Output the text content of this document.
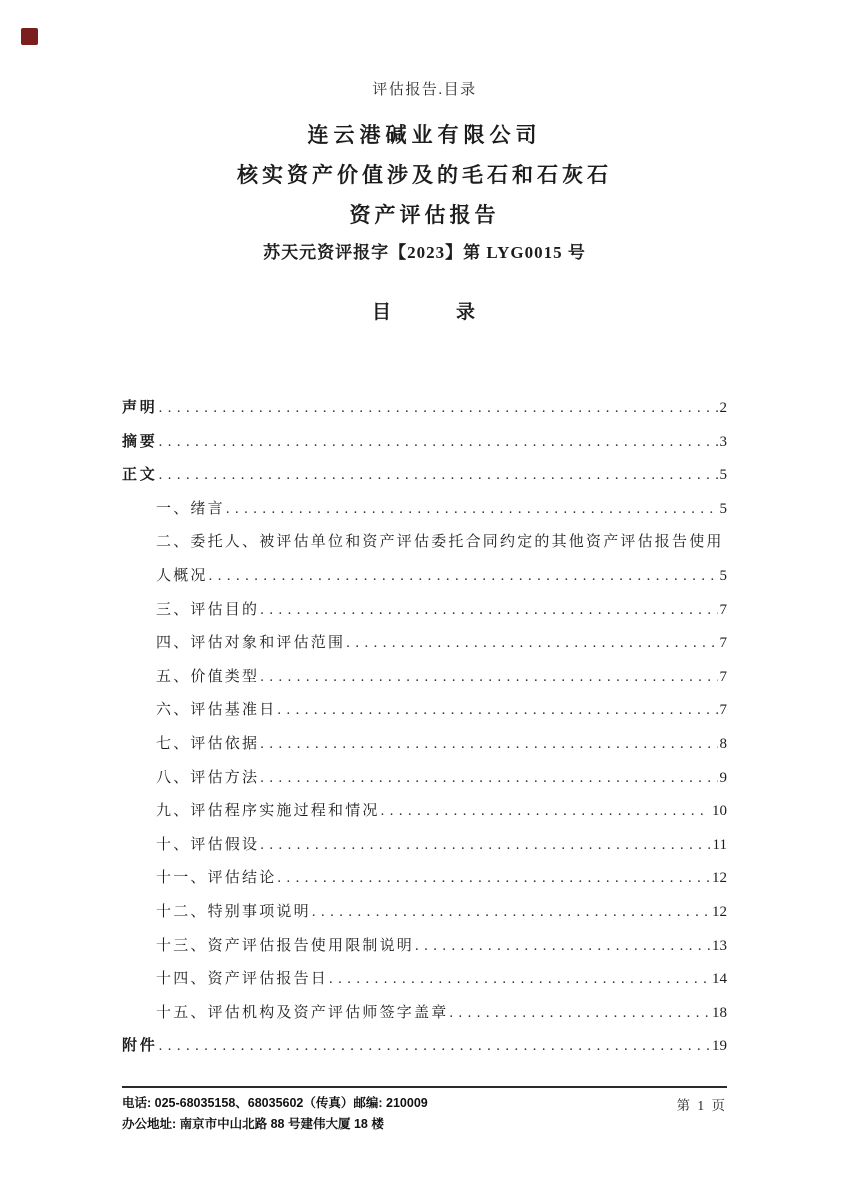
评估报告.目录
连云港碱业有限公司
核实资产价值涉及的毛石和石灰石
资产评估报告
苏天元资评报字【2023】第 LYG0015 号
目　　　录
声明 .....	2
摘要 .....	3
正文 .....	5
一、绪言 .....	5
二、委托人、被评估单位和资产评估委托合同约定的其他资产评估报告使用
人概况 .....	5
三、评估目的 .....	7
四、评估对象和评估范围 .....	7
五、价值类型 .....	7
六、评估基准日 .....	7
七、评估依据 .....	8
八、评估方法 .....	9
九、评估程序实施过程和情况 .....	10
十、评估假设 .....	11
十一、评估结论 .....	12
十二、特别事项说明 .....	12
十三、资产评估报告使用限制说明 .....	13
十四、资产评估报告日 .....	14
十五、评估机构及资产评估师签字盖章 .....	18
附件 .....	19
电话: 025-68035158、68035602（传真）邮编: 210009
办公地址: 南京市中山北路 88 号建伟大厦 18 楼
第 1 页
